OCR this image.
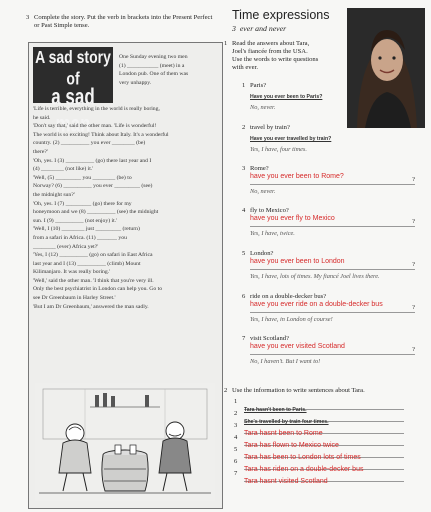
3 Complete the story. Put the verb in brackets into the Present Perfect or Past Simple tense.
A sad story of
a sad man
One Sunday evening two men
(1) ___________ (meet) in a
London pub. One of them was
very unhappy.
'Life is terrible, everything in the world is really boring,
he said.
'Don't say that,' said the other man. 'Life is wonderful!
The world is so exciting! Think about Italy. It's a wonderful
country. (2) __________ you ever ________ (be)
there?'
'Oh, yes. I (3) __________ (go) there last year and I
(4) ________ (not like) it.'
'Well, (5) _________ you ________ (be) to
Norway? (6) __________ you ever _________ (see)
the midnight sun?'
'Oh, yes. I (7) _________ (go) there for my
honeymoon and we (8) __________ (see) the midnight
sun. I (9) __________ (not enjoy) it.'
'Well, I (10) ________ just _________ (return)
from a safari in Africa. (11) _______ you
________ (ever) Africa yet?'
'Yes, I (12) __________ (go) on safari in East Africa
last year and I (13) __________ (climb) Mount
Kilimanjaro. It was really boring.'
'Well,' said the other man. 'I think that you're very ill.
Only the best psychiatrist in London can help you. Go to
see Dr Greenbaum in Harley Street.'
'But I am Dr Greenbaum,' answered the man sadly.
Time expressions
3 ever and never
1 Read the answers about Tara,
Joel's fiancée from the USA.
Use the words to write questions
with ever.
1 Paris?
Have you ever been to Paris?
No, never.
2 travel by train?
Have you ever travelled by train?
Yes, I have, four times.
3 Rome?
have you ever been to Rome?	?
No, never.
4 fly to Mexico?
have you ever fly to Mexico	?
Yes, I have, twice.
5 London?
have you ever been to London	?
Yes, I have, lots of times. My fiancé Joel lives there.
6 ride on a double-decker bus?
have you ever ride on a double-decker bus	?
Yes, I have, in London of course!
7 visit Scotland?
have you ever visited Scotland	?
No, I haven't. But I want to!
2 Use the information to write sentences about Tara.
1
Tara hasn't been to Paris.
2
She's travelled by train four times.
3
Tara hasnt been to Rome
4
Tara has flown to Mexico twice
5
Tara has been to London lots of times
6
Tara has riden on a double-decker bus
7
Tara hasnt visited Scotland
